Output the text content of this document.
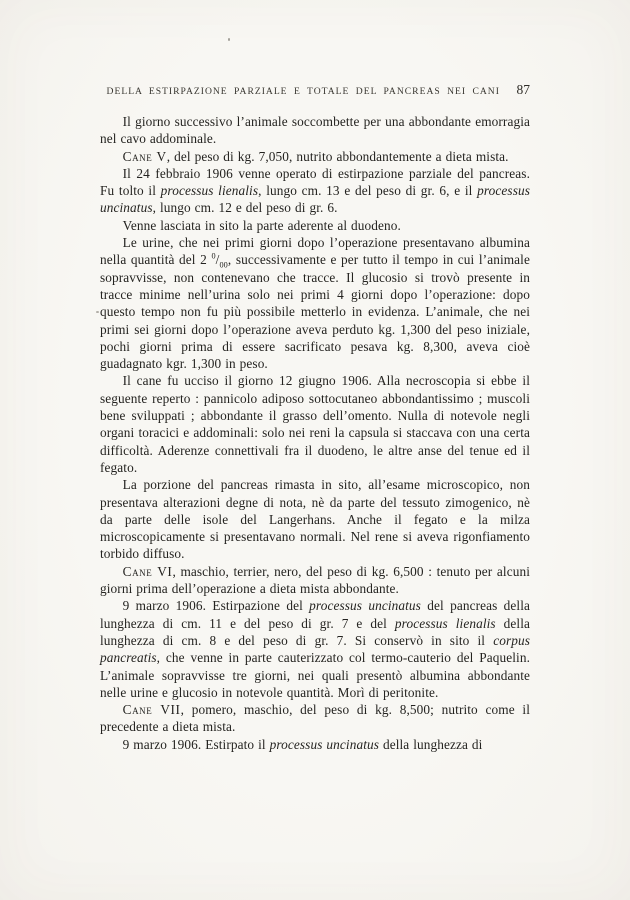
DELLA ESTIRPAZIONE PARZIALE E TOTALE DEL PANCREAS NEI CANI	87

Il giorno successivo l’animale soccombette per una abbondante emorragia nel cavo addominale.

Cane V, del peso di kg. 7,050, nutrito abbondantemente a dieta mista.

Il 24 febbraio 1906 venne operato di estirpazione parziale del pancreas. Fu tolto il processus lienalis, lungo cm. 13 e del peso di gr. 6, e il processus uncinatus, lungo cm. 12 e del peso di gr. 6.

Venne lasciata in sito la parte aderente al duodeno.

Le urine, che nei primi giorni dopo l’operazione presentavano albumina nella quantità del 2 $^0/_{00}$, successivamente e per tutto il tempo in cui l’animale sopravvisse, non contenevano che tracce. Il glucosio si trovò presente in tracce minime nell’urina solo nei primi 4 giorni dopo l’operazione: dopo questo tempo non fu più possibile metterlo in evidenza. L’animale, che nei primi sei giorni dopo l’operazione aveva perduto kg. 1,300 del peso iniziale, pochi giorni prima di essere sacrificato pesava kg. 8,300, aveva cioè guadagnato kgr. 1,300 in peso.

Il cane fu ucciso il giorno 12 giugno 1906. Alla necroscopia si ebbe il seguente reperto : pannicolo adiposo sottocutaneo abbondantissimo ; muscoli bene sviluppati ; abbondante il grasso dell’omento. Nulla di notevole negli organi toracici e addominali: solo nei reni la capsula si staccava con una certa difficoltà. Aderenze connettivali fra il duodeno, le altre anse del tenue ed il fegato.

La porzione del pancreas rimasta in sito, all’esame microscopico, non presentava alterazioni degne di nota, nè da parte del tessuto zimogenico, nè da parte delle isole del Langerhans. Anche il fegato e la milza microscopicamente si presentavano normali. Nel rene si aveva rigonfiamento torbido diffuso.

Cane VI, maschio, terrier, nero, del peso di kg. 6,500 : tenuto per alcuni giorni prima dell’operazione a dieta mista abbondante.

9 marzo 1906. Estirpazione del processus uncinatus del pancreas della lunghezza di cm. 11 e del peso di gr. 7 e del processus lienalis della lunghezza di cm. 8 e del peso di gr. 7. Si conservò in sito il corpus pancreatis, che venne in parte cauterizzato col termo-cauterio del Paquelin. L’animale sopravvisse tre giorni, nei quali presentò albumina abbondante nelle urine e glucosio in notevole quantità. Morì di peritonite.

Cane VII, pomero, maschio, del peso di kg. 8,500; nutrito come il precedente a dieta mista.

9 marzo 1906. Estirpato il processus uncinatus della lunghezza di
